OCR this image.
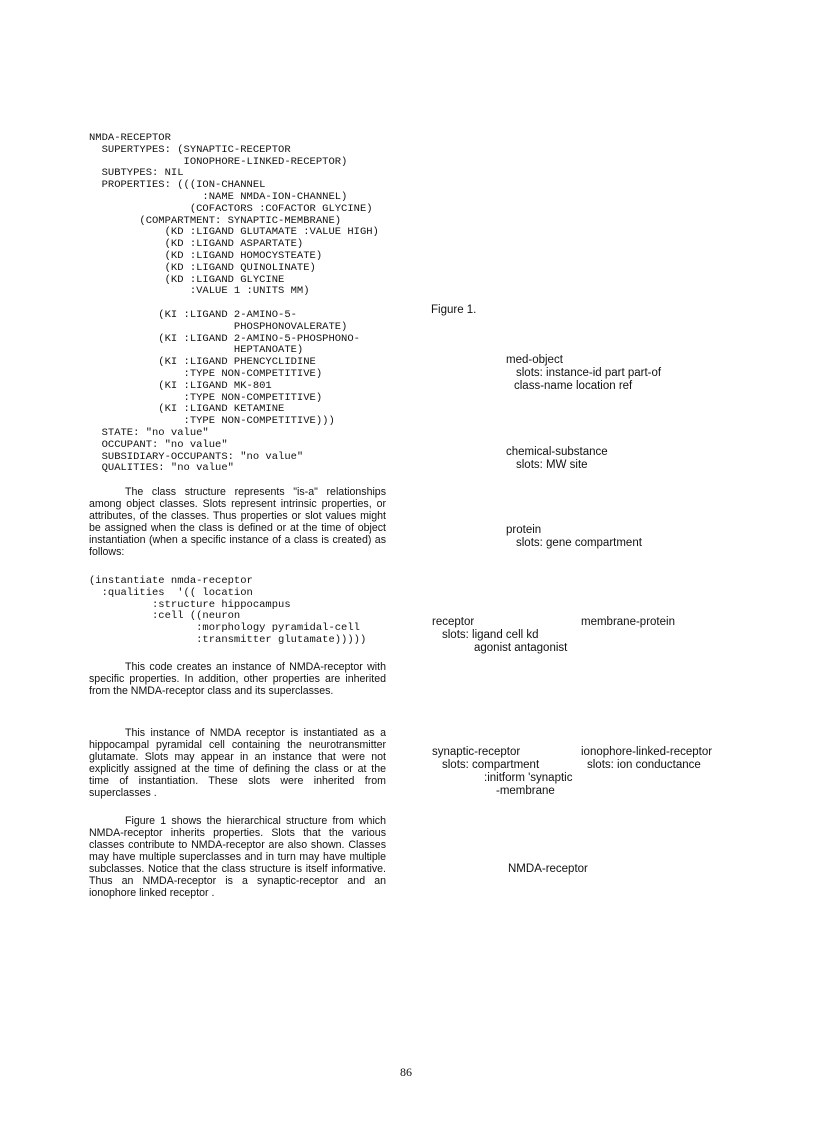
NMDA-RECEPTOR
SUPERTYPES: (SYNAPTIC-RECEPTOR
IONOPHORE-LINKED-RECEPTOR)
SUBTYPES: NIL
PROPERTIES: (((ION-CHANNEL
:NAME NMDA-ION-CHANNEL)
(COFACTORS :COFACTOR GLYCINE)
(COMPARTMENT: SYNAPTIC-MEMBRANE)
(KD :LIGAND GLUTAMATE :VALUE HIGH)
(KD :LIGAND ASPARTATE)
(KD :LIGAND HOMOCYSTEATE)
(KD :LIGAND QUINOLINATE)
(KD :LIGAND GLYCINE
:VALUE 1 :UNITS MM)

(KI :LIGAND 2-AMINO-5-
PHOSPHONOVALERATE)
(KI :LIGAND 2-AMINO-5-PHOSPHONO-
HEPTANOATE)
(KI :LIGAND PHENCYCLIDINE
:TYPE NON-COMPETITIVE)
(KI :LIGAND MK-801
:TYPE NON-COMPETITIVE)
(KI :LIGAND KETAMINE
:TYPE NON-COMPETITIVE)))
STATE: "no value"
OCCUPANT: "no value"
SUBSIDIARY-OCCUPANTS: "no value"
QUALITIES: "no value"

The class structure represents "is-a" relationships among object classes. Slots represent intrinsic properties, or attributes, of the classes. Thus properties or slot values might be assigned when the class is defined or at the time of object instantiation (when a specific instance of a class is created) as follows:

(instantiate nmda-receptor
:qualities  '(( location
:structure hippocampus
:cell ((neuron
:morphology pyramidal-cell
:transmitter glutamate)))))

This code creates an instance of NMDA-receptor with specific properties. In addition, other properties are inherited from the NMDA-receptor class and its superclasses.

This instance of NMDA receptor is instantiated as a hippocampal pyramidal cell containing the neurotransmitter glutamate. Slots may appear in an instance that were not explicitly assigned at the time of defining the class or at the time of instantiation. These slots were inherited from superclasses .

Figure 1 shows the hierarchical structure from which NMDA-receptor inherits properties. Slots that the various classes contribute to NMDA-receptor are also shown. Classes may have multiple superclasses and in turn may have multiple subclasses. Notice that the class structure is itself informative. Thus an NMDA-receptor is a synaptic-receptor and an ionophore linked receptor .

Figure 1.
med-object
slots: instance-id part part-of
class-name location ref
chemical-substance
slots: MW site
protein
slots: gene compartment
receptor
slots: ligand cell kd
agonist antagonist
membrane-protein
synaptic-receptor
slots: compartment
:initform 'synaptic
-membrane
ionophore-linked-receptor
slots: ion conductance
NMDA-receptor
86
